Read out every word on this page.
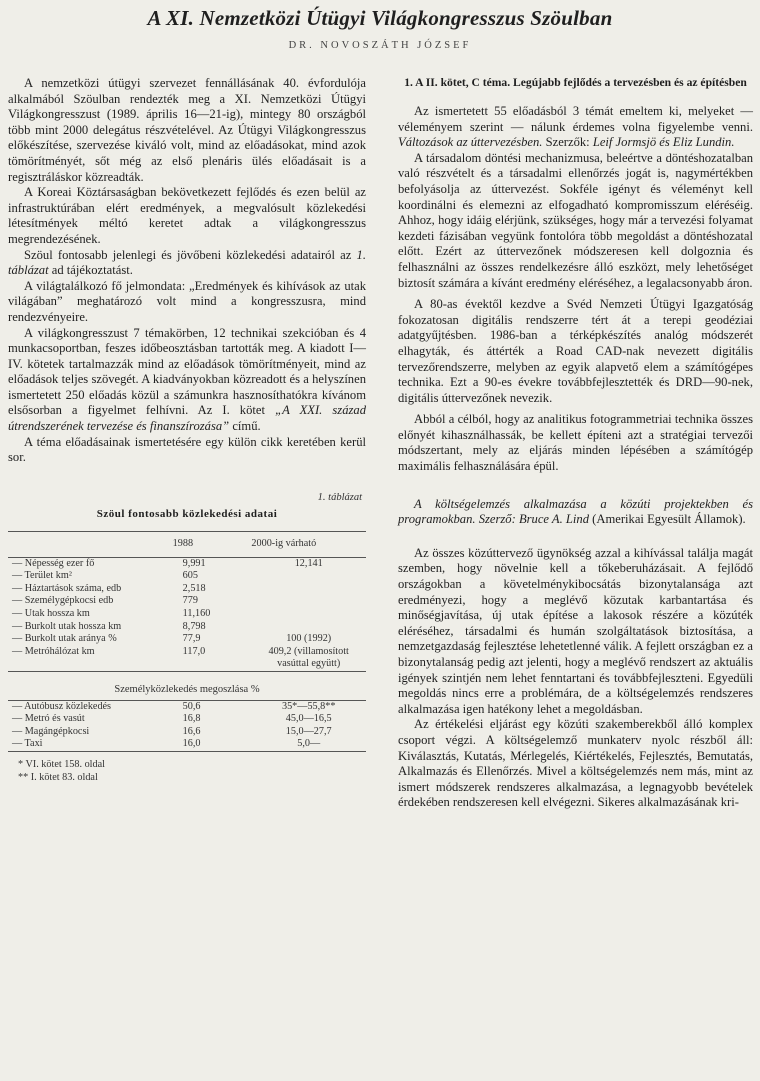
A XI. Nemzetközi Útügyi Világkongresszus Szöulban
DR. NOVOSZÁTH JÓZSEF

A nemzetközi útügyi szervezet fennállásának 40. évfordulója alkalmából Szöulban rendezték meg a XI. Nemzetközi Útügyi Világkongresszust (1989. április 16—21-ig), mintegy 80 országból több mint 2000 delegátus részvételével. Az Útügyi Világkongresszus előkészítése, szervezése kiváló volt, mind az előadásokat, mind azok tömörítményét, sőt még az első plenáris ülés előadásait is a regisztráláskor közreadták.

A Koreai Köztársaságban bekövetkezett fejlődés és ezen belül az infrastruktúrában elért eredmények, a megvalósult közlekedési létesítmények méltó keretet adtak a világkongresszus megrendezésének.

Szöul fontosabb jelenlegi és jövőbeni közlekedési adatairól az 1. táblázat ad tájékoztatást.

A világtalálkozó fő jelmondata: „Eredmények és kihívások az utak világában” meghatározó volt mind a kongresszusra, mind rendezvényeire.

A világkongresszust 7 témakörben, 12 technikai szekcióban és 4 munkacsoportban, feszes időbeosztásban tartották meg. A kiadott I—IV. kötetek tartalmazzák mind az előadások tömörítményeit, mind az előadások teljes szövegét. A kiadványokban közreadott és a helyszínen ismertetett 250 előadás közül a számunkra hasznosíthatókra kívánom elsősorban a figyelmet felhívni. Az I. kötet „A XXI. század útrendszerének tervezése és finanszírozása” című.

A téma előadásainak ismertetésére egy külön cikk keretében kerül sor.

1. táblázat
Szöul fontosabb közlekedési adatai
	1988	2000-ig várható
— Népesség ezer fő	9,991	12,141
— Terület km²	605	
— Háztartások száma, edb	2,518	
— Személygépkocsi edb	779	
— Utak hossza km	11,160	
— Burkolt utak hossza km	8,798	
— Burkolt utak aránya %	77,9	100 (1992)
— Metróhálózat km	117,0	409,2 (villamosított vasúttal együtt)
Személyközlekedés megoszlása %
— Autóbusz közlekedés	50,6	35*—55,8**
— Metró és vasút	16,8	45,0—16,5
— Magángépkocsi	16,6	15,0—27,7
— Taxi	16,0	5,0—
* VI. kötet 158. oldal
** I. kötet 83. oldal
1. A II. kötet, C téma. Legújabb fejlődés a tervezésben és az építésben

Az ismertetett 55 előadásból 3 témát emeltem ki, melyeket — véleményem szerint — nálunk érdemes volna figyelembe venni. Változások az úttervezésben. Szerzők: Leif Jormsjö és Eliz Lundin.

A társadalom döntési mechanizmusa, beleértve a döntéshozatalban való részvételt és a társadalmi ellenőrzés jogát is, nagymértékben befolyásolja az úttervezést. Sokféle igényt és véleményt kell koordinálni és elemezni az elfogadható kompromisszum eléréséig. Ahhoz, hogy idáig elérjünk, szükséges, hogy már a tervezési folyamat kezdeti fázisában vegyünk fontolóra több megoldást a döntéshozatal előtt. Ezért az úttervezőnek módszeresen kell dolgoznia és felhasználni az összes rendelkezésre álló eszközt, mely lehetőséget biztosít számára a kívánt eredmény eléréséhez, a legalacsonyabb áron.

A 80-as évektől kezdve a Svéd Nemzeti Útügyi Igazgatóság fokozatosan digitális rendszerre tért át a terepi geodéziai adatgyűjtésben. 1986-ban a térképkészítés analóg módszerét elhagyták, és áttérték a Road CAD-nak nevezett digitális tervezőrendszerre, melyben az egyik alapvető elem a számítógépes technika. Ezt a 90-es évekre továbbfejlesztették és DRD—90-nek, digitális úttervezőnek nevezik.

Abból a célból, hogy az analitikus fotogrammetriai technika összes előnyét kihasználhassák, be kellett építeni azt a stratégiai tervezői módszertant, mely az eljárás minden lépésében a számítógép maximális felhasználására épül.

A költségelemzés alkalmazása a közúti projektekben és programokban. Szerző: Bruce A. Lind (Amerikai Egyesült Államok).

Az összes közúttervező ügynökség azzal a kihívással találja magát szemben, hogy növelnie kell a tőkeberuházásait. A fejlődő országokban a követelménykibocsátás bizonytalansága azt eredményezi, hogy a meglévő közutak karbantartása és minőségjavítása, új utak építése a lakosok részére a közúték eléréséhez, társadalmi és humán szolgáltatások biztosítása, a nemzetgazdaság fejlesztése lehetetlenné válik. A fejlett országban ez a bizonytalanság pedig azt jelenti, hogy a meglévő rendszert az aktuális igények szintjén nem lehet fenntartani és továbbfejleszteni. Egyedüli megoldás nincs erre a problémára, de a költségelemzés rendszeres alkalmazása igen hatékony lehet a megoldásban.

Az értékelési eljárást egy közúti szakemberekből álló komplex csoport végzi. A költségelemző munkaterv nyolc részből áll: Kiválasztás, Kutatás, Mérlegelés, Kiértékelés, Fejlesztés, Bemutatás, Alkalmazás és Ellenőrzés. Mivel a költségelemzés nem más, mint az ismert módszerek rendszeres alkalmazása, a legnagyobb bevételek érdekében rendszeresen kell elvégezni. Sikeres alkalmazásának kri-
